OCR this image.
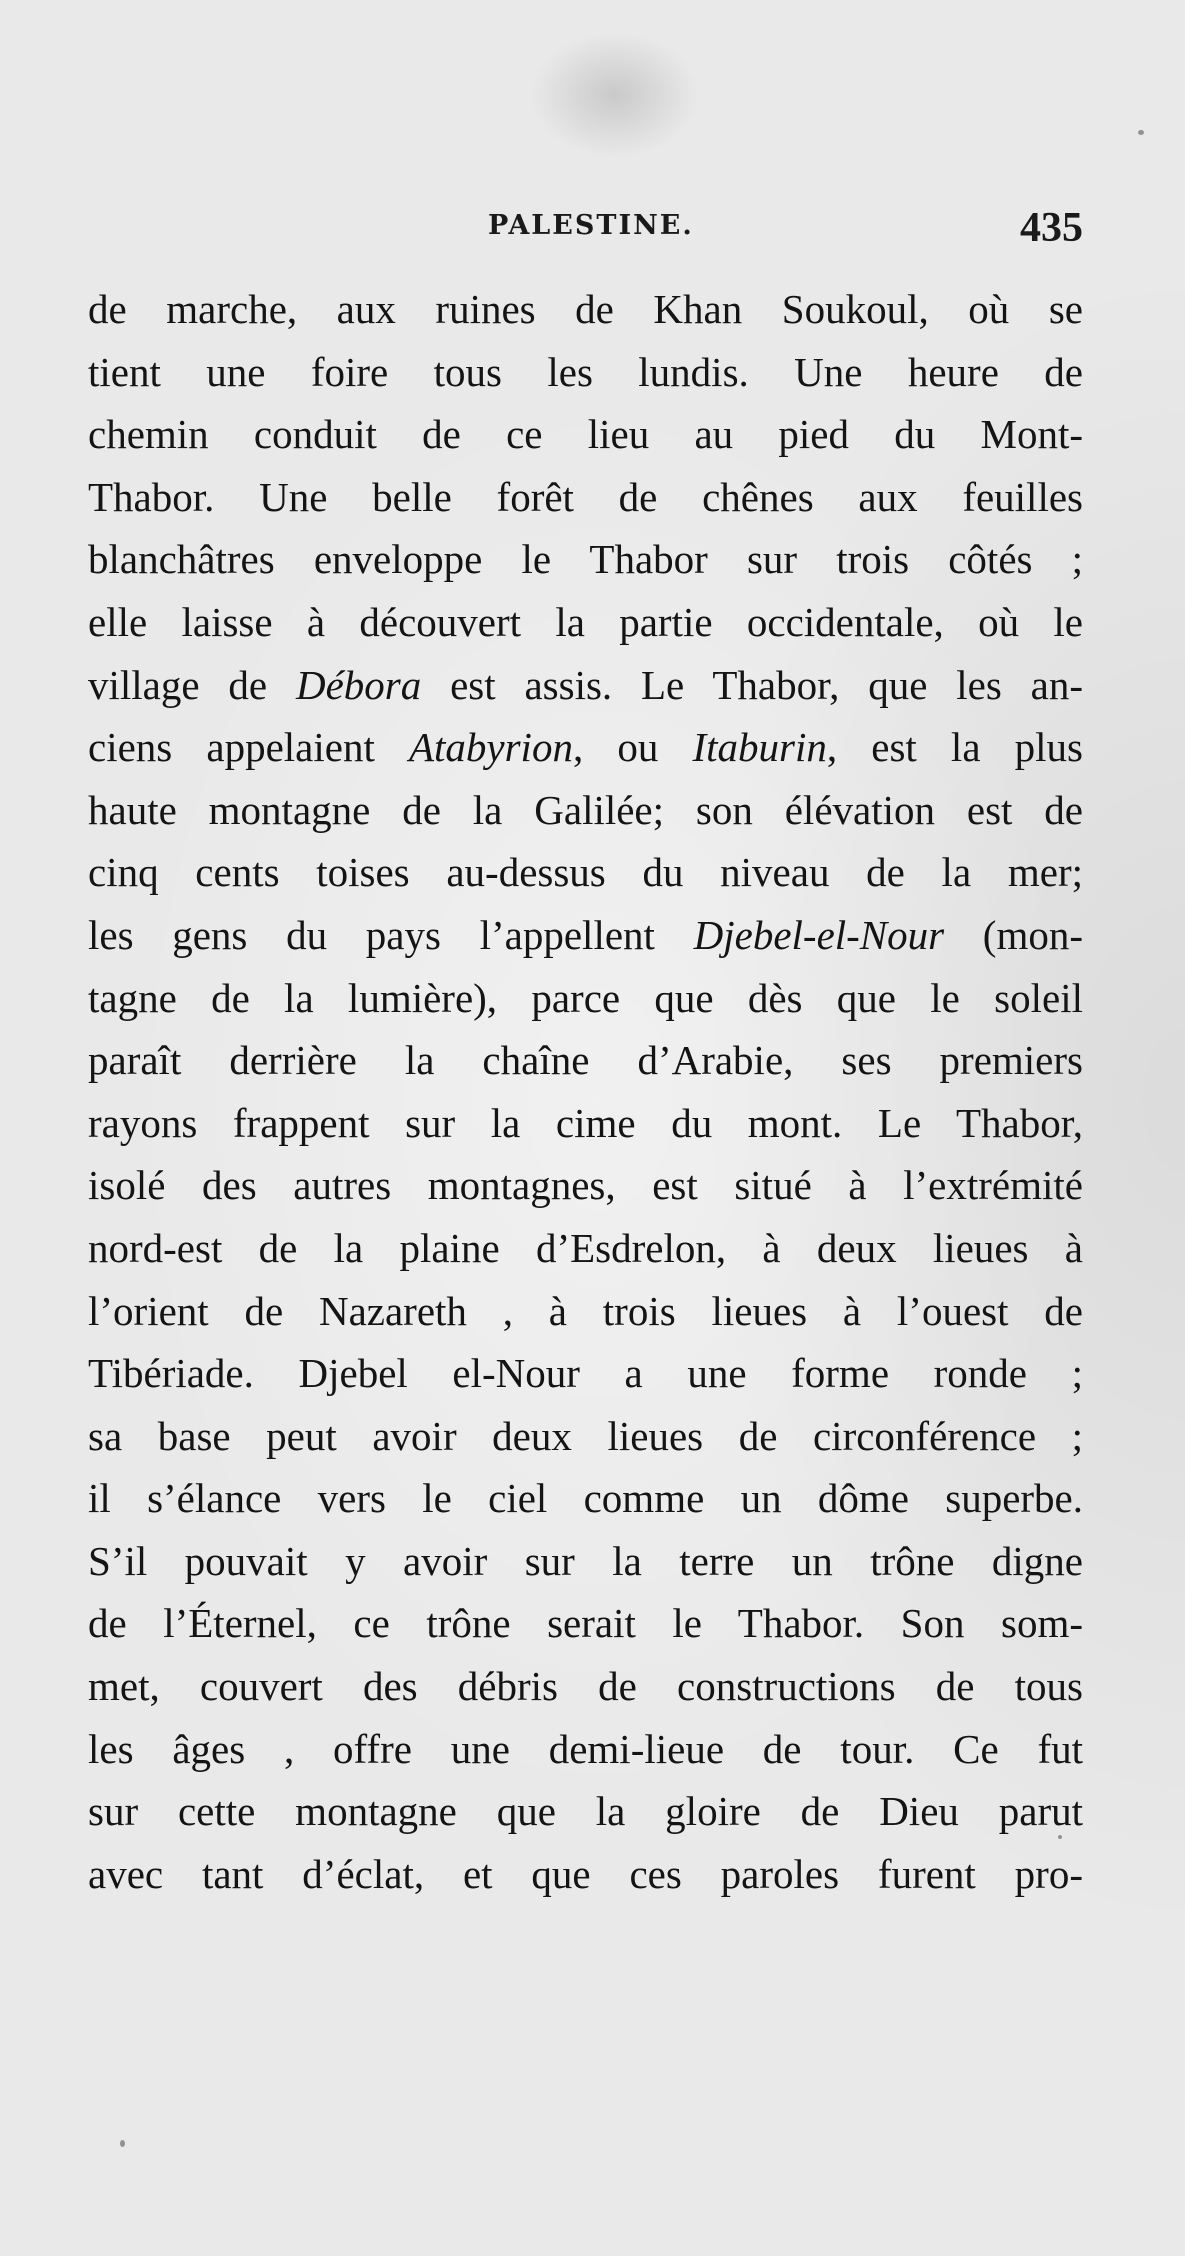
PALESTINE.	435
de marche, aux ruines de Khan Soukoul, où se
tient une foire tous les lundis. Une heure de
chemin conduit de ce lieu au pied du Mont-
Thabor. Une belle forêt de chênes aux feuilles
blanchâtres enveloppe le Thabor sur trois côtés ;
elle laisse à découvert la partie occidentale, où le
village de Débora est assis. Le Thabor, que les an-
ciens appelaient Atabyrion, ou Itaburin, est la plus
haute montagne de la Galilée; son élévation est de
cinq cents toises au-dessus du niveau de la mer;
les gens du pays l’appellent Djebel-el-Nour (mon-
tagne de la lumière), parce que dès que le soleil
paraît derrière la chaîne d’Arabie, ses premiers
rayons frappent sur la cime du mont. Le Thabor,
isolé des autres montagnes, est situé à l’extrémité
nord-est de la plaine d’Esdrelon, à deux lieues à
l’orient de Nazareth , à trois lieues à l’ouest de
Tibériade. Djebel el-Nour a une forme ronde ;
sa base peut avoir deux lieues de circonférence ;
il s’élance vers le ciel comme un dôme superbe.
S’il pouvait y avoir sur la terre un trône digne
de l’Éternel, ce trône serait le Thabor. Son som-
met, couvert des débris de constructions de tous
les âges , offre une demi-lieue de tour. Ce fut
sur cette montagne que la gloire de Dieu parut
avec tant d’éclat, et que ces paroles furent pro-
